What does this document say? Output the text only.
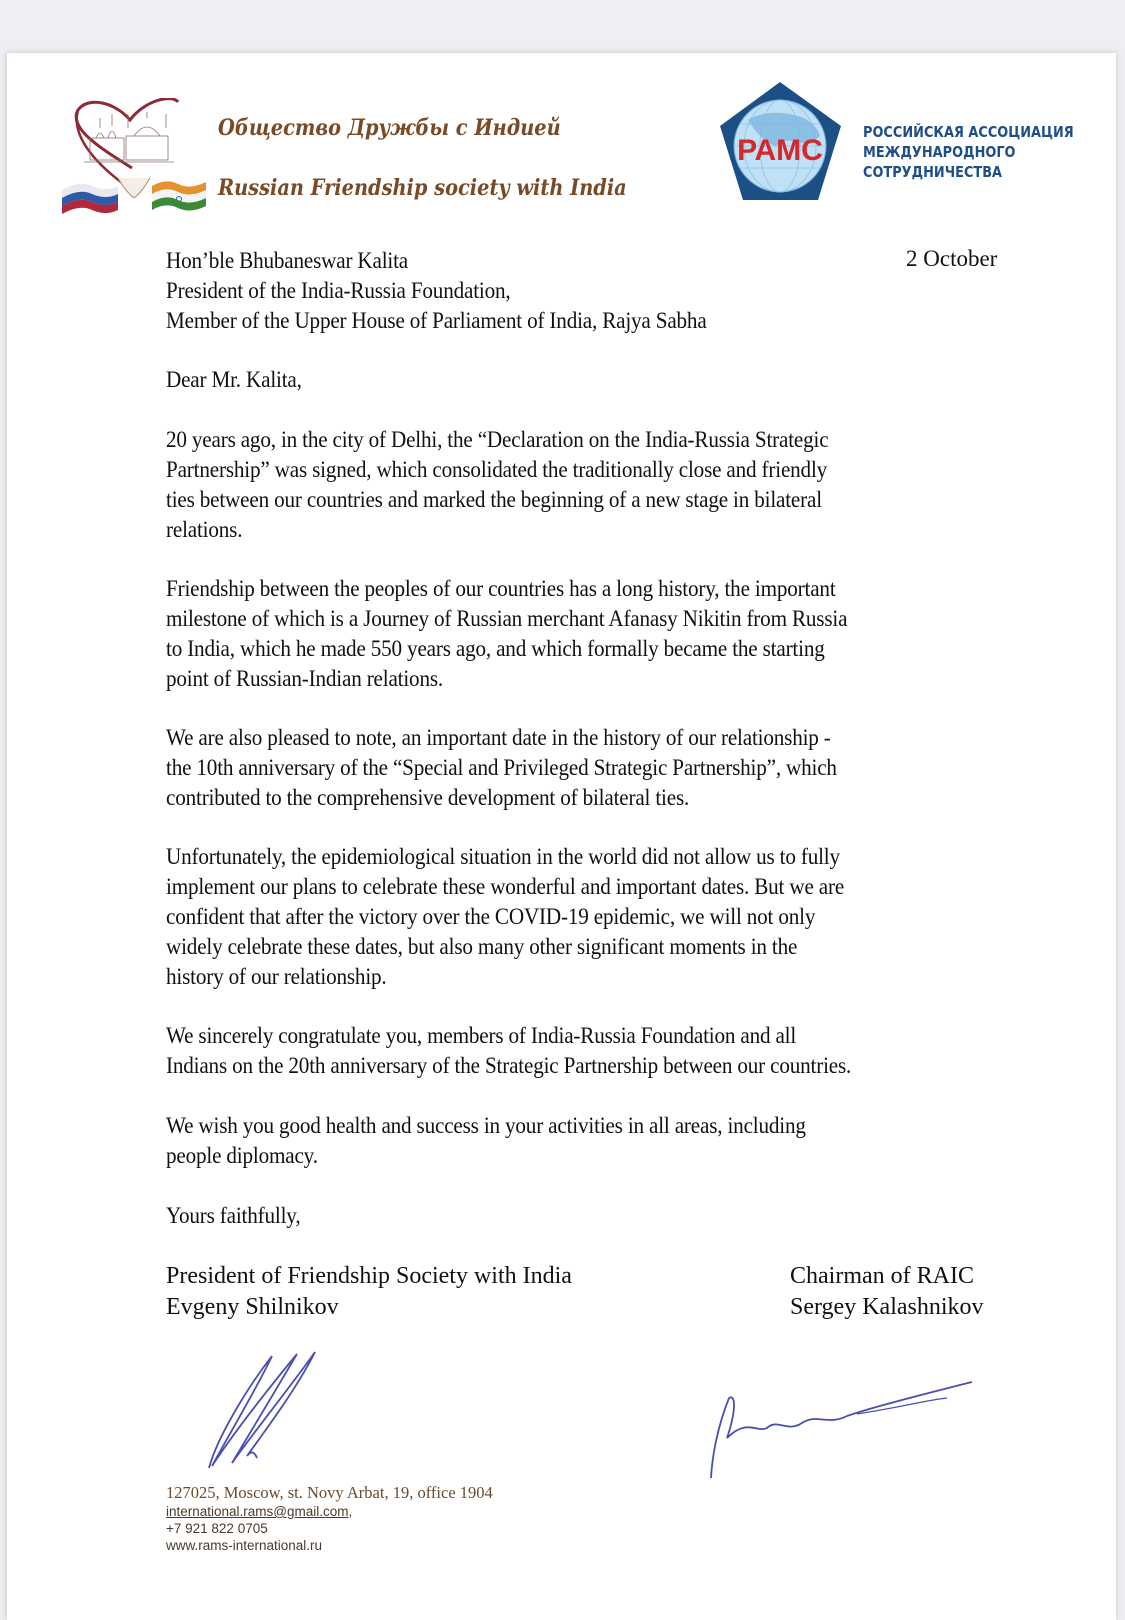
Общество Дружбы с Индией
Russian Friendship society with India
РАМС
РОССИЙСКАЯ АССОЦИАЦИЯ
МЕЖДУНАРОДНОГО
СОТРУДНИЧЕСТВА
2 October
Hon’ble Bhubaneswar Kalita
President of the India-Russia Foundation,
Member of the Upper House of Parliament of India, Rajya Sabha
Dear Mr. Kalita,
20 years ago, in the city of Delhi, the “Declaration on the India-Russia Strategic
Partnership” was signed, which consolidated the traditionally close and friendly
ties between our countries and marked the beginning of a new stage in bilateral
relations.
Friendship between the peoples of our countries has a long history, the important
milestone of which is a Journey of Russian merchant Afanasy Nikitin from Russia
to India, which he made 550 years ago, and which formally became the starting
point of Russian-Indian relations.
We are also pleased to note, an important date in the history of our relationship -
the 10th anniversary of the “Special and Privileged Strategic Partnership”, which
contributed to the comprehensive development of bilateral ties.
Unfortunately, the epidemiological situation in the world did not allow us to fully
implement our plans to celebrate these wonderful and important dates. But we are
confident that after the victory over the COVID-19 epidemic, we will not only
widely celebrate these dates, but also many other significant moments in the
history of our relationship.
We sincerely congratulate you, members of India-Russia Foundation and all
Indians on the 20th anniversary of the Strategic Partnership between our countries.
We wish you good health and success in your activities in all areas, including
people diplomacy.
Yours faithfully,
President of Friendship Society with India
Evgeny Shilnikov
Chairman of RAIC
Sergey Kalashnikov
127025, Moscow, st. Novy Arbat, 19, office 1904
international.rams@gmail.com,
+7 921 822 0705
www.rams-international.ru
